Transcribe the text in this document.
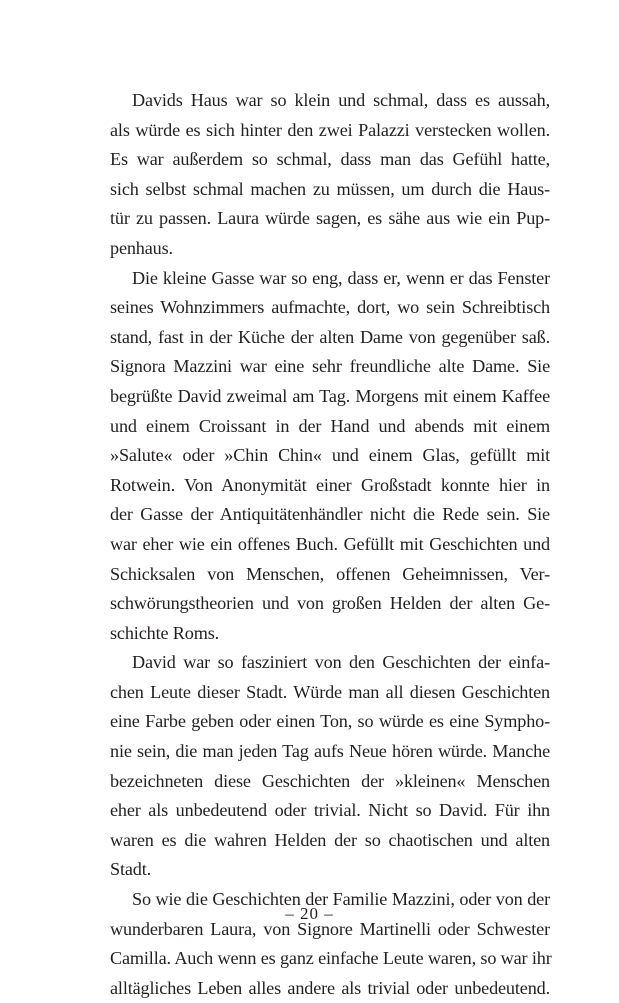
Davids Haus war so klein und schmal, dass es aussah,
als würde es sich hinter den zwei Palazzi verstecken wollen.
Es war außerdem so schmal, dass man das Gefühl hatte,
sich selbst schmal machen zu müssen, um durch die Haus-
tür zu passen. Laura würde sagen, es sähe aus wie ein Pup-
penhaus.
Die kleine Gasse war so eng, dass er, wenn er das Fenster
seines Wohnzimmers aufmachte, dort, wo sein Schreibtisch
stand, fast in der Küche der alten Dame von gegenüber saß.
Signora Mazzini war eine sehr freundliche alte Dame. Sie
begrüßte David zweimal am Tag. Morgens mit einem Kaffee
und einem Croissant in der Hand und abends mit einem
»Salute« oder »Chin Chin« und einem Glas, gefüllt mit
Rotwein. Von Anonymität einer Großstadt konnte hier in
der Gasse der Antiquitätenhändler nicht die Rede sein. Sie
war eher wie ein offenes Buch. Gefüllt mit Geschichten und
Schicksalen von Menschen, offenen Geheimnissen, Ver-
schwörungstheorien und von großen Helden der alten Ge-
schichte Roms.
David war so fasziniert von den Geschichten der einfa-
chen Leute dieser Stadt. Würde man all diesen Geschichten
eine Farbe geben oder einen Ton, so würde es eine Sympho-
nie sein, die man jeden Tag aufs Neue hören würde. Manche
bezeichneten diese Geschichten der »kleinen« Menschen
eher als unbedeutend oder trivial. Nicht so David. Für ihn
waren es die wahren Helden der so chaotischen und alten
Stadt.
So wie die Geschichten der Familie Mazzini, oder von der
wunderbaren Laura, von Signore Martinelli oder Schwester
Camilla. Auch wenn es ganz einfache Leute waren, so war ihr
alltägliches Leben alles andere als trivial oder unbedeutend.
– 20 –
